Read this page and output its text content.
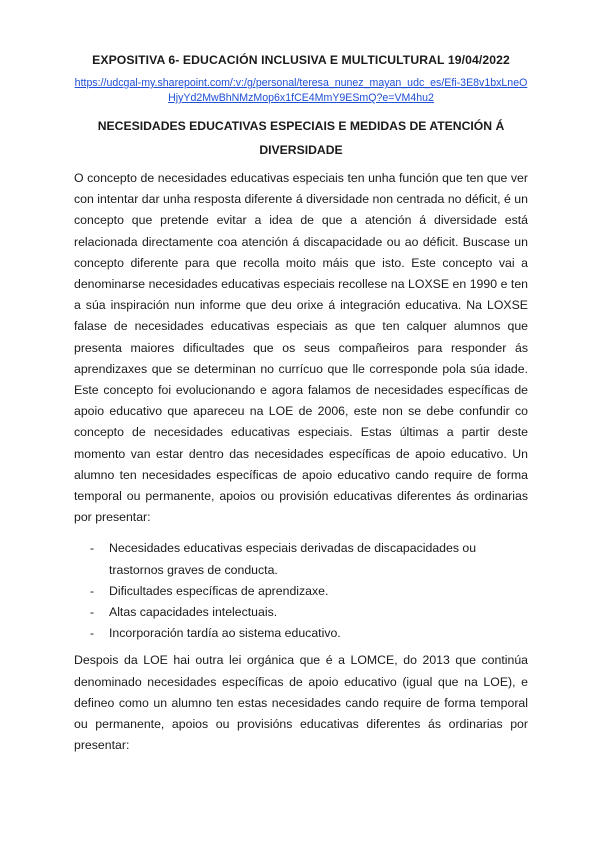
EXPOSITIVA 6- EDUCACIÓN INCLUSIVA E MULTICULTURAL 19/04/2022
https://udcgal-my.sharepoint.com/:v:/g/personal/teresa_nunez_mayan_udc_es/Efi-3E8v1bxLneOHjyYd2MwBhNMzMop6x1fCE4MmY9ESmQ?e=VM4hu2
NECESIDADES EDUCATIVAS ESPECIAIS E MEDIDAS DE ATENCIÓN Á DIVERSIDADE
O concepto de necesidades educativas especiais ten unha función que ten que ver con intentar dar unha resposta diferente á diversidade non centrada no déficit, é un concepto que pretende evitar a idea de que a atención á diversidade está relacionada directamente coa atención á discapacidade ou ao déficit. Buscase un concepto diferente para que recolla moito máis que isto. Este concepto vai a denominarse necesidades educativas especiais recollese na LOXSE en 1990 e ten a súa inspiración nun informe que deu orixe á integración educativa. Na LOXSE falase de necesidades educativas especiais as que ten calquer alumnos que presenta maiores dificultades que os seus compañeiros para responder ás aprendizaxes que se determinan no currícuo que lle corresponde pola súa idade. Este concepto foi evolucionando e agora falamos de necesidades específicas de apoio educativo que apareceu na LOE de 2006, este non se debe confundir co concepto de necesidades educativas especiais. Estas últimas a partir deste momento van estar dentro das necesidades específicas de apoio educativo. Un alumno ten necesidades específicas de apoio educativo cando require de forma temporal ou permanente, apoios ou provisión educativas diferentes ás ordinarias por presentar:
- Necesidades educativas especiais derivadas de discapacidades ou trastornos graves de conducta.
- Dificultades específicas de aprendizaxe.
- Altas capacidades intelectuais.
- Incorporación tardía ao sistema educativo.
Despois da LOE hai outra lei orgánica que é a LOMCE, do 2013 que continúa denominado necesidades específicas de apoio educativo (igual que na LOE), e defineo como un alumno ten estas necesidades cando require de forma temporal ou permanente, apoios ou provisións educativas diferentes ás ordinarias por presentar:
